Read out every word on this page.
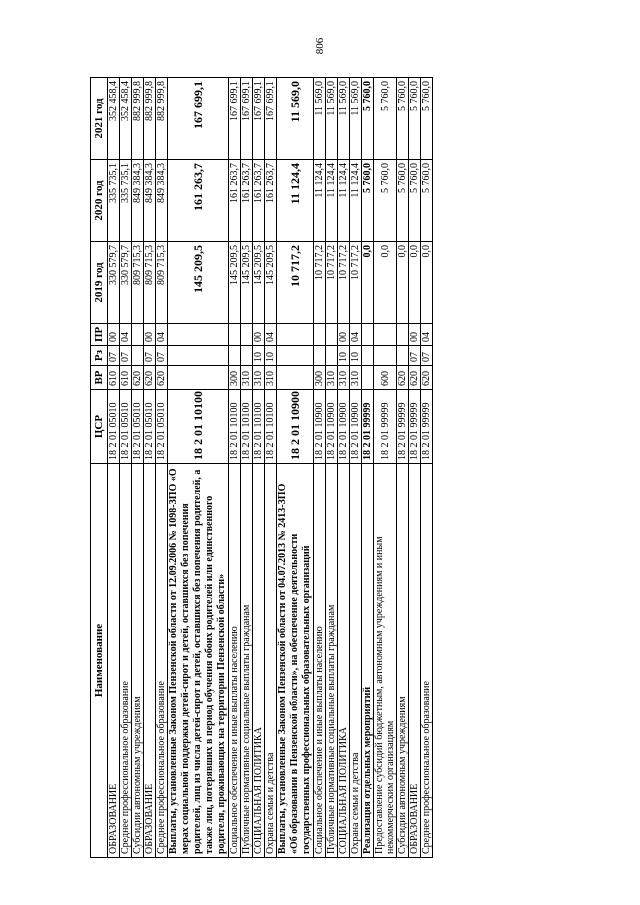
806
Наименование	ЦСР	ВР	Рз	ПР	2019 год	2020 год	2021 год
ОБРАЗОВАНИЕ	18 2 01 05010	610	07	00	330 579,7	335 735,1	352 458,4
Среднее профессиональное образование	18 2 01 05010	610	07	04	330 579,7	335 735,1	352 458,4
Субсидии автономным учреждениям	18 2 01 05010	620			809 715,3	849 384,3	882 999,8
ОБРАЗОВАНИЕ	18 2 01 05010	620	07	00	809 715,3	849 384,3	882 999,8
Среднее профессиональное образование	18 2 01 05010	620	07	04	809 715,3	849 384,3	882 999,8
Выплаты, установленные Законом Пензенской области от 12.09.2006 № 1098-ЗПО «О мерах социальной поддержки детей-сирот и детей, оставшихся без попечения родителей, лиц из числа детей-сирот и детей, оставшихся без попечения родителей, а также лиц, потерявших в период обучения обоих родителей или единственного родителя, проживающих на территории Пензенской области»	18 2 01 10100				145 209,5	161 263,7	167 699,1
Социальное обеспечение и иные выплаты населению	18 2 01 10100	300			145 209,5	161 263,7	167 699,1
Публичные нормативные социальные выплаты гражданам	18 2 01 10100	310			145 209,5	161 263,7	167 699,1
СОЦИАЛЬНАЯ ПОЛИТИКА	18 2 01 10100	310	10	00	145 209,5	161 263,7	167 699,1
Охрана семьи и детства	18 2 01 10100	310	10	04	145 209,5	161 263,7	167 699,1
Выплаты, установленные Законом Пензенской области от 04.07.2013 № 2413-ЗПО «Об образовании в Пензенской области», на обеспечение деятельности государственных профессиональных образовательных организаций	18 2 01 10900				10 717,2	11 124,4	11 569,0
Социальное обеспечение и иные выплаты населению	18 2 01 10900	300			10 717,2	11 124,4	11 569,0
Публичные нормативные социальные выплаты гражданам	18 2 01 10900	310			10 717,2	11 124,4	11 569,0
СОЦИАЛЬНАЯ ПОЛИТИКА	18 2 01 10900	310	10	00	10 717,2	11 124,4	11 569,0
Охрана семьи и детства	18 2 01 10900	310	10	04	10 717,2	11 124,4	11 569,0
Реализация отдельных мероприятий	18 2 01 99999				0,0	5 760,0	5 760,0
Предоставление субсидий бюджетным, автономным учреждениям и иным некоммерческим организациям	18 2 01 99999	600			0,0	5 760,0	5 760,0
Субсидии автономным учреждениям	18 2 01 99999	620			0,0	5 760,0	5 760,0
ОБРАЗОВАНИЕ	18 2 01 99999	620	07	00	0,0	5 760,0	5 760,0
Среднее профессиональное образование	18 2 01 99999	620	07	04	0,0	5 760,0	5 760,0
